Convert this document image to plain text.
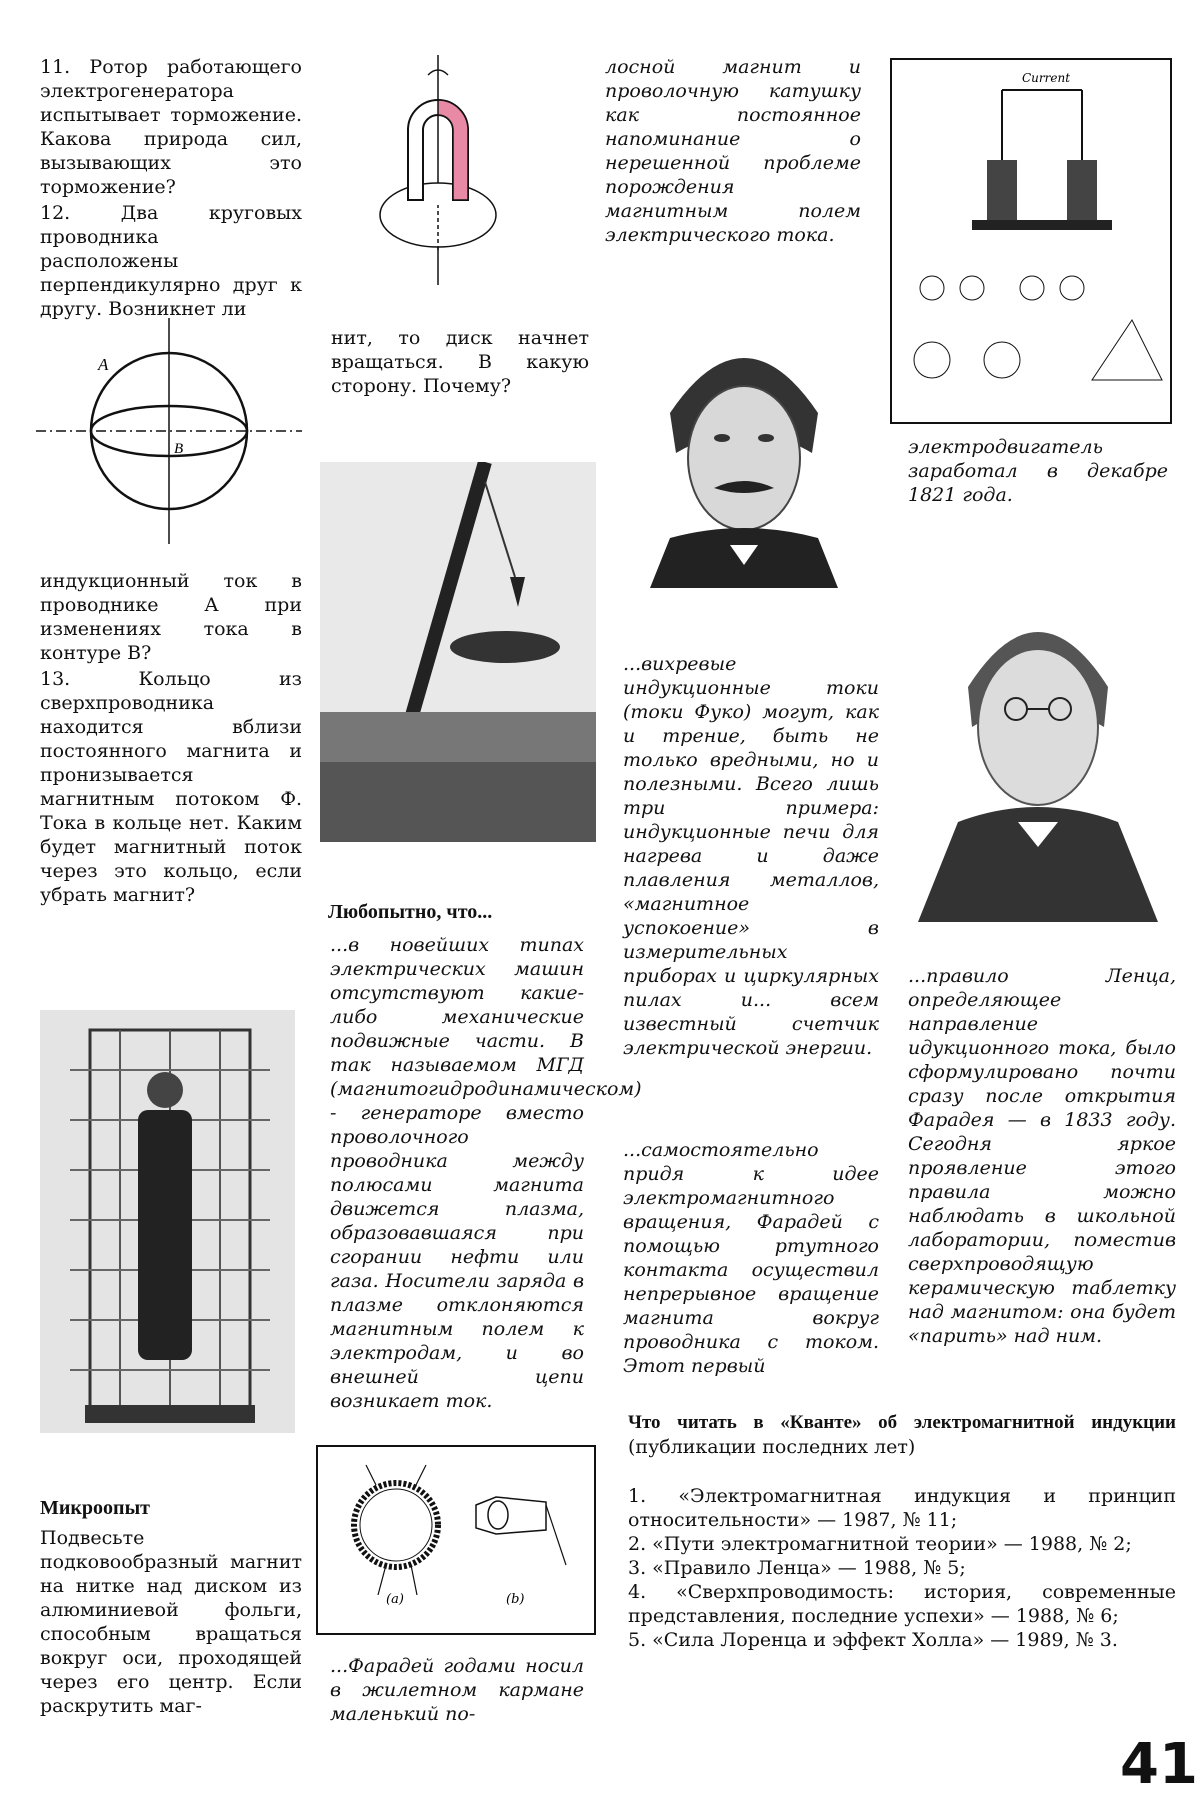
11. Ротор работающего электрогенератора испытывает торможение. Какова природа сил, вызывающих это торможение?

12. Два круговых проводника расположены перпендикулярно друг к другу. Возникнет ли

A
B

индукционный ток в проводнике A при изменениях тока в контуре B?

13. Кольцо из сверхпроводника находится вблизи постоянного магнита и пронизывается магнитным потоком Ф. Тока в кольце нет. Каким будет магнитный поток через это кольцо, если убрать магнит?

Микроопыт

Подвесьте подковообразный магнит на нитке над диском из алюминиевой фольги, способным вращаться вокруг оси, проходящей через его центр. Если раскрутить маг-

нит, то диск начнет вращаться. В какую сторону. Почему?

Любопытно, что...

...в новейших типах электрических машин отсутствуют какие-либо механические подвижные части. В так называемом МГД (магнитогидродинамическом) - генераторе вместо проволочного проводника между полюсами магнита движется плазма, образовавшаяся при сгорании нефти или газа. Носители заряда в плазме отклоняются магнитным полем к электродам, и во внешней цепи возникает ток.

(a)	(b)

...Фарадей годами носил в жилетном кармане маленький по-

лосной магнит и проволочную катушку как постоянное напоминание о нерешенной проблеме порождения магнитным полем электрического тока.

...вихревые индукционные токи (токи Фуко) могут, как и трение, быть не только вредными, но и полезными. Всего лишь три примера: индукционные печи для нагрева и даже плавления металлов, «магнитное успокоение» в измерительных приборах и циркулярных пилах и... всем известный счетчик электрической энергии.

...самостоятельно придя к идее электромагнитного вращения, Фарадей с помощью ртутного контакта осуществил непрерывное вращение магнита вокруг проводника с током. Этот первый

Current

электродвигатель заработал в декабре 1821 года.

...правило Ленца, определяющее направление идукционного тока, было сформулировано почти сразу после открытия Фарадея — в 1833 году. Сегодня яркое проявление этого правила можно наблюдать в школьной лаборатории, поместив сверхпроводящую керамическую таблетку над магнитом: она будет «парить» над ним.

Что читать в «Кванте» об электромагнитной индукции (публикации последних лет)

1. «Электромагнитная индукция и принцип относительности» — 1987, № 11;
2. «Пути электромагнитной теории» — 1988, № 2;
3. «Правило Ленца» — 1988, № 5;
4. «Сверхпроводимость: история, современные представления, последние успехи» — 1988, № 6;
5. «Сила Лоренца и эффект Холла» — 1989, № 3.
41
